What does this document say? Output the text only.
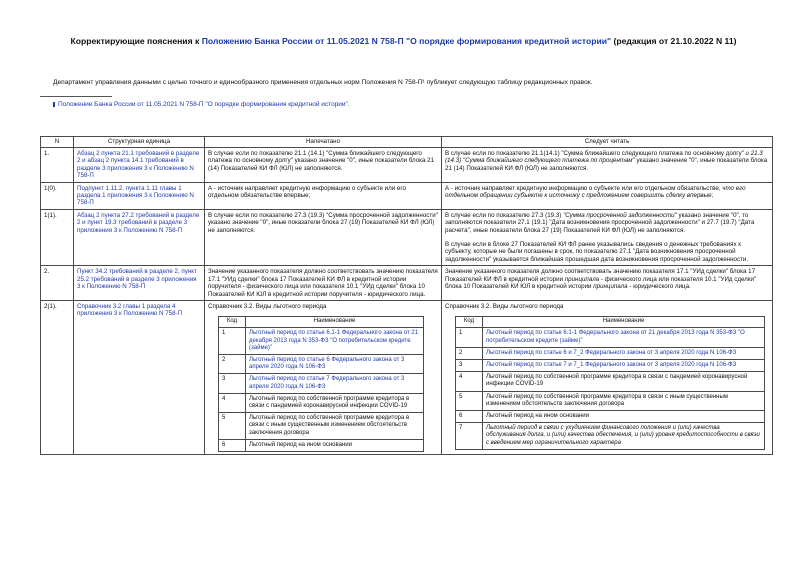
Корректирующие пояснения к Положению Банка России от 11.05.2021 N 758-П "О порядке формирования кредитной истории" (редакция от 21.10.2022 N 11)
Департамент управления данными с целью точного и единообразного применения отдельных норм Положения N 758-П¹ публикует следующую таблицу редакционных правок.
Положение Банка России от 11.05.2021 N 758-П "О порядке формирования кредитной истории".
N	Структурная единица	Напечатано	Следует читать
1.	Абзац 2 пункта 21.1 требований в разделе 2 и абзац 2 пункта 14.1 требований в разделе 3 приложения 3 к Положению N 758-П	В случае если по показателю 21.1 (14.1) "Сумма ближайшего следующего платежа по основному долгу" указано значение "0", иные показатели блока 21 (14) Показателей КИ ФЛ (ЮЛ) не заполняются.	В случае если по показателю 21.1(14.1) "Сумма ближайшего следующего платежа по основному долгу" и 21.3 (14.3) "Сумма ближайшего следующего платежа по процентам" указано значение "0", иные показатели блока 21 (14) Показателей КИ ФЛ (ЮЛ) не заполняются.
1(0).	Подпункт 1.11.2. пункта 1.11 главы 1 раздела 1 приложения 3 к Положению N 758-П	А - источник направляет кредитную информацию о субъекте или его отдельном обязательстве впервые;	А - источник направляет кредитную информацию о субъекте или его отдельном обязательстве, что его отдельном обращении субъекте к источнику с предложением совершить сделку впервые;
1(1).	Абзац 2 пункта 27.2 требований в разделе 2 и пункт 19.3 требований в разделе 3 приложения 3 к Положению N 758-П	В случае если по показателю 27.3 (19.3) "Сумма просроченной задолженности" указано значение "0", иные показатели блока 27 (19) Показателей КИ ФЛ (ЮЛ) не заполняются.	В случае если по показателю 27.3 (19.3) "Сумма просроченной задолженности" указано значение "0", то заполняются показатели 27.1 (19.1) "Дата возникновения просроченной задолженности" и 27.7 (19.7) "Дата расчета", иные показатели блока 27 (19) Показателей КИ ФЛ (ЮЛ) не заполняются.
В случае если в блоке 27 Показателей КИ ФЛ ранее указывались сведения о денежных требованиях к субъекту, которые не были погашены в срок, по показателю 27.1 "Дата возникновения просроченной задолженности" указывается ближайшая прошедшая дата возникновения просроченной задолженности.

2.	Пункт 34.2 требований в разделе 2, пункт 25.2 требований в разделе 3 приложения 3 к Положению N 758-П	Значение указанного показателя должно соответствовать значению показателя 17.1 "УИд сделки" блока 17 Показателей КИ ФЛ в кредитной истории поручителя - физического лица или показателя 10.1 "УИд сделки" блока 10 Показателей КИ ЮЛ в кредитной истории поручителя - юридического лица.	Значение указанного показателя должно соответствовать значению показателя 17.1 "УИд сделки" блока 17 Показателей КИ ФЛ в кредитной истории принципала - физического лица или показателя 10.1 "УИд сделки" блока 10 Показателей КИ ЮЛ в кредитной истории принципала - юридического лица.
2(1).	Справочник 3.2 главы 1 раздела 4 приложения 3 к Положению N 758-П	
Справочник 3.2. Виды льготного периода
Код	Наименование
1	Льготный период по статье 6.1-1 Федерального закона от 21 декабря 2013 года N 353-ФЗ "О потребительском кредите (займе)"
2	Льготный период по статье 6 Федерального закона от 3 апреля 2020 года N 106-ФЗ
3	Льготный период по статье 7 Федерального закона от 3 апреля 2020 года N 106-ФЗ
4	Льготный период по собственной программе кредитора в связи с пандемией коронавирусной инфекции COVID-19
5	Льготный период по собственной программе кредитора в связи с иным существенным изменением обстоятельств заключения договора
6	Льготный период на ином основании

Справочник 3.2. Виды льготного периода
Код	Наименование
1	Льготный период по статье 6.1-1 Федерального закона от 21 декабря 2013 года N 353-ФЗ "О потребительском кредите (займе)"
2	Льготный период по статье 6 и 7_2 Федерального закона от 3 апреля 2020 года N 106-ФЗ
3	Льготный период по статье 7 и 7_1 Федерального закона от 3 апреля 2020 года N 106-ФЗ
4	Льготный период по собственной программе кредитора в связи с пандемией коронавирусной инфекции COVID-19
5	Льготный период по собственной программе кредитора в связи с иным существенным изменением обстоятельств заключения договора
6	Льготный период на ином основании
7	Льготный период в связи с ухудшением финансового положения и (или) качества обслуживания долга, и (или) качества обеспечения, и (или) уровня кредитоспособности в связи с введением мер ограничительного характера
